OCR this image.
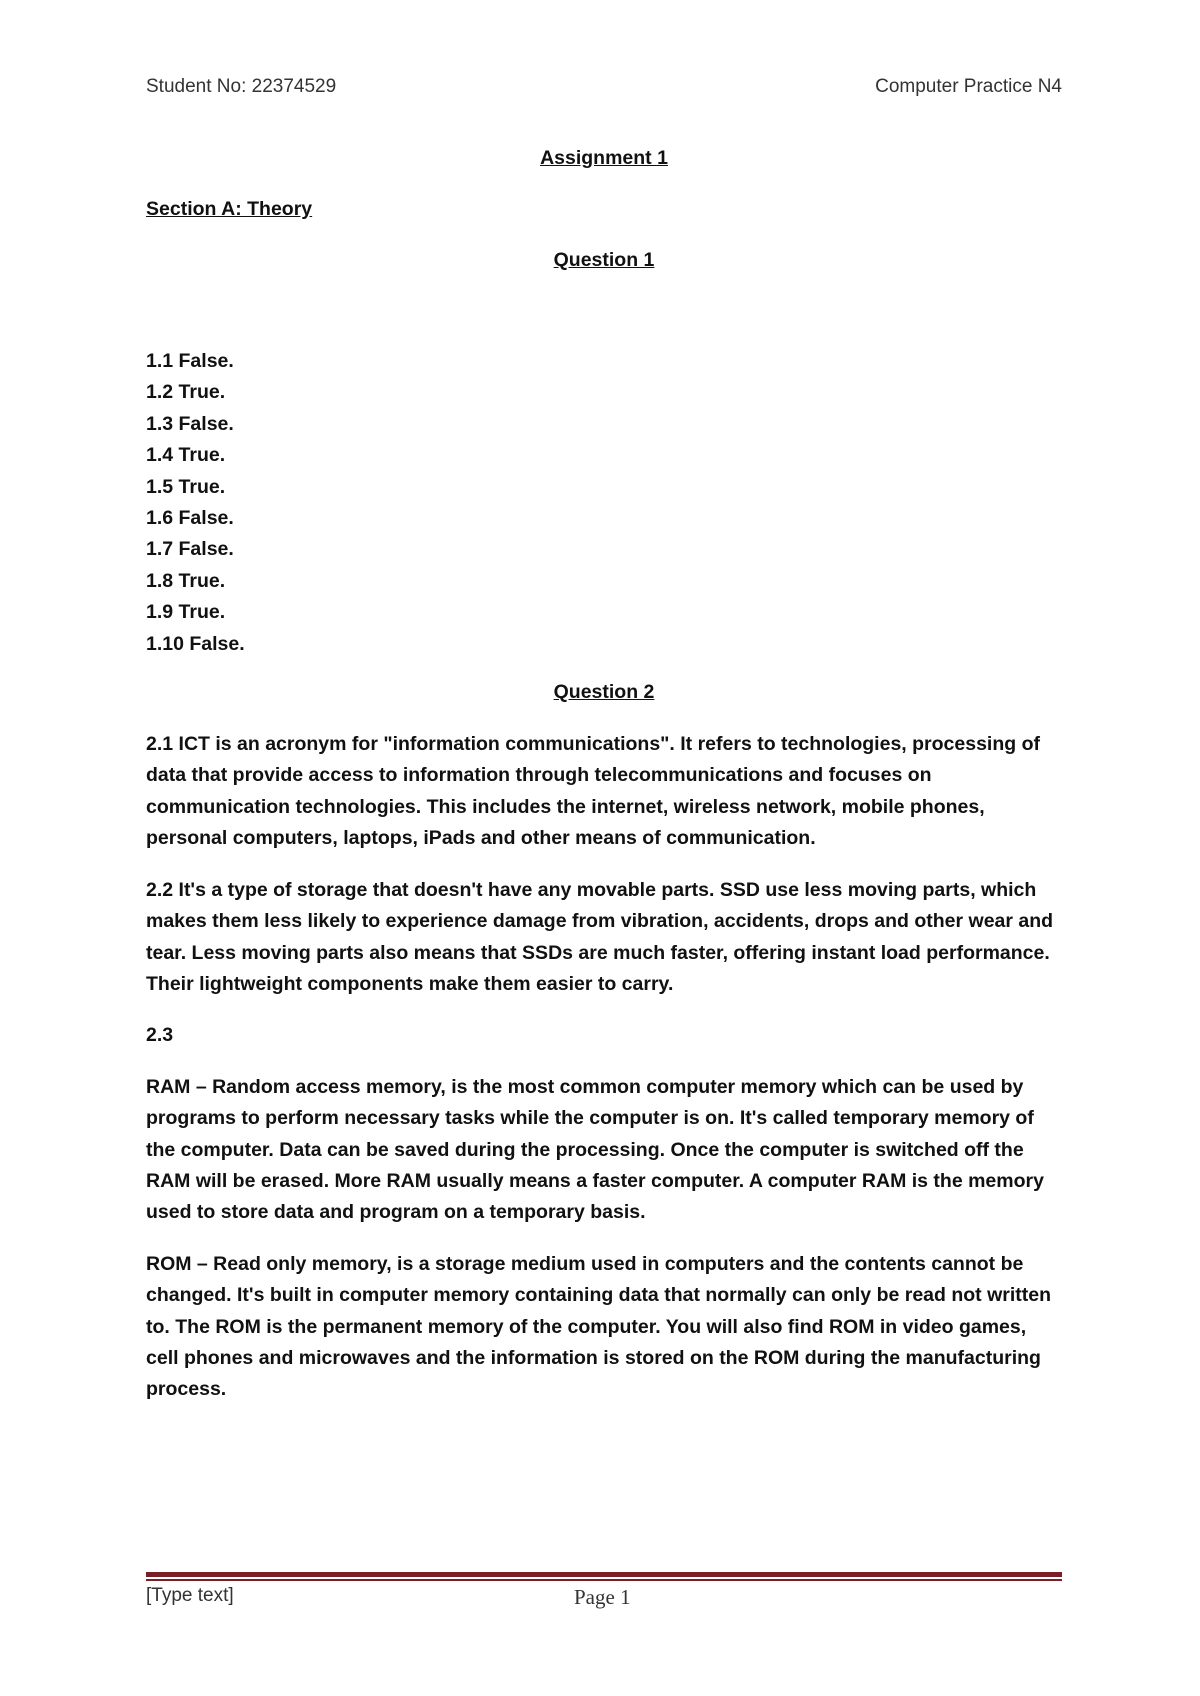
Student No: 22374529	Computer Practice N4

Assignment 1

Section A: Theory

Question 1

1.1 False.
1.2 True.
1.3 False.
1.4 True.
1.5 True.
1.6 False.
1.7 False.
1.8 True.
1.9 True.
1.10 False.

Question 2

2.1 ICT is an acronym for "information communications". It refers to technologies, processing of data that provide access to information through telecommunications and focuses on communication technologies. This includes the internet, wireless network, mobile phones, personal computers, laptops, iPads and other means of communication.

2.2 It's a type of storage that doesn't have any movable parts. SSD use less moving parts, which makes them less likely to experience damage from vibration, accidents, drops and other wear and tear. Less moving parts also means that SSDs are much faster, offering instant load performance. Their lightweight components make them easier to carry.

2.3

RAM – Random access memory, is the most common computer memory which can be used by programs to perform necessary tasks while the computer is on. It's called temporary memory of the computer. Data can be saved during the processing. Once the computer is switched off the RAM will be erased. More RAM usually means a faster computer. A computer RAM is the memory used to store data and program on a temporary basis.

ROM – Read only memory, is a storage medium used in computers and the contents cannot be changed. It's built in computer memory containing data that normally can only be read not written to. The ROM is the permanent memory of the computer. You will also find ROM in video games, cell phones and microwaves and the information is stored on the ROM during the manufacturing process.

[Type text]	Page 1
